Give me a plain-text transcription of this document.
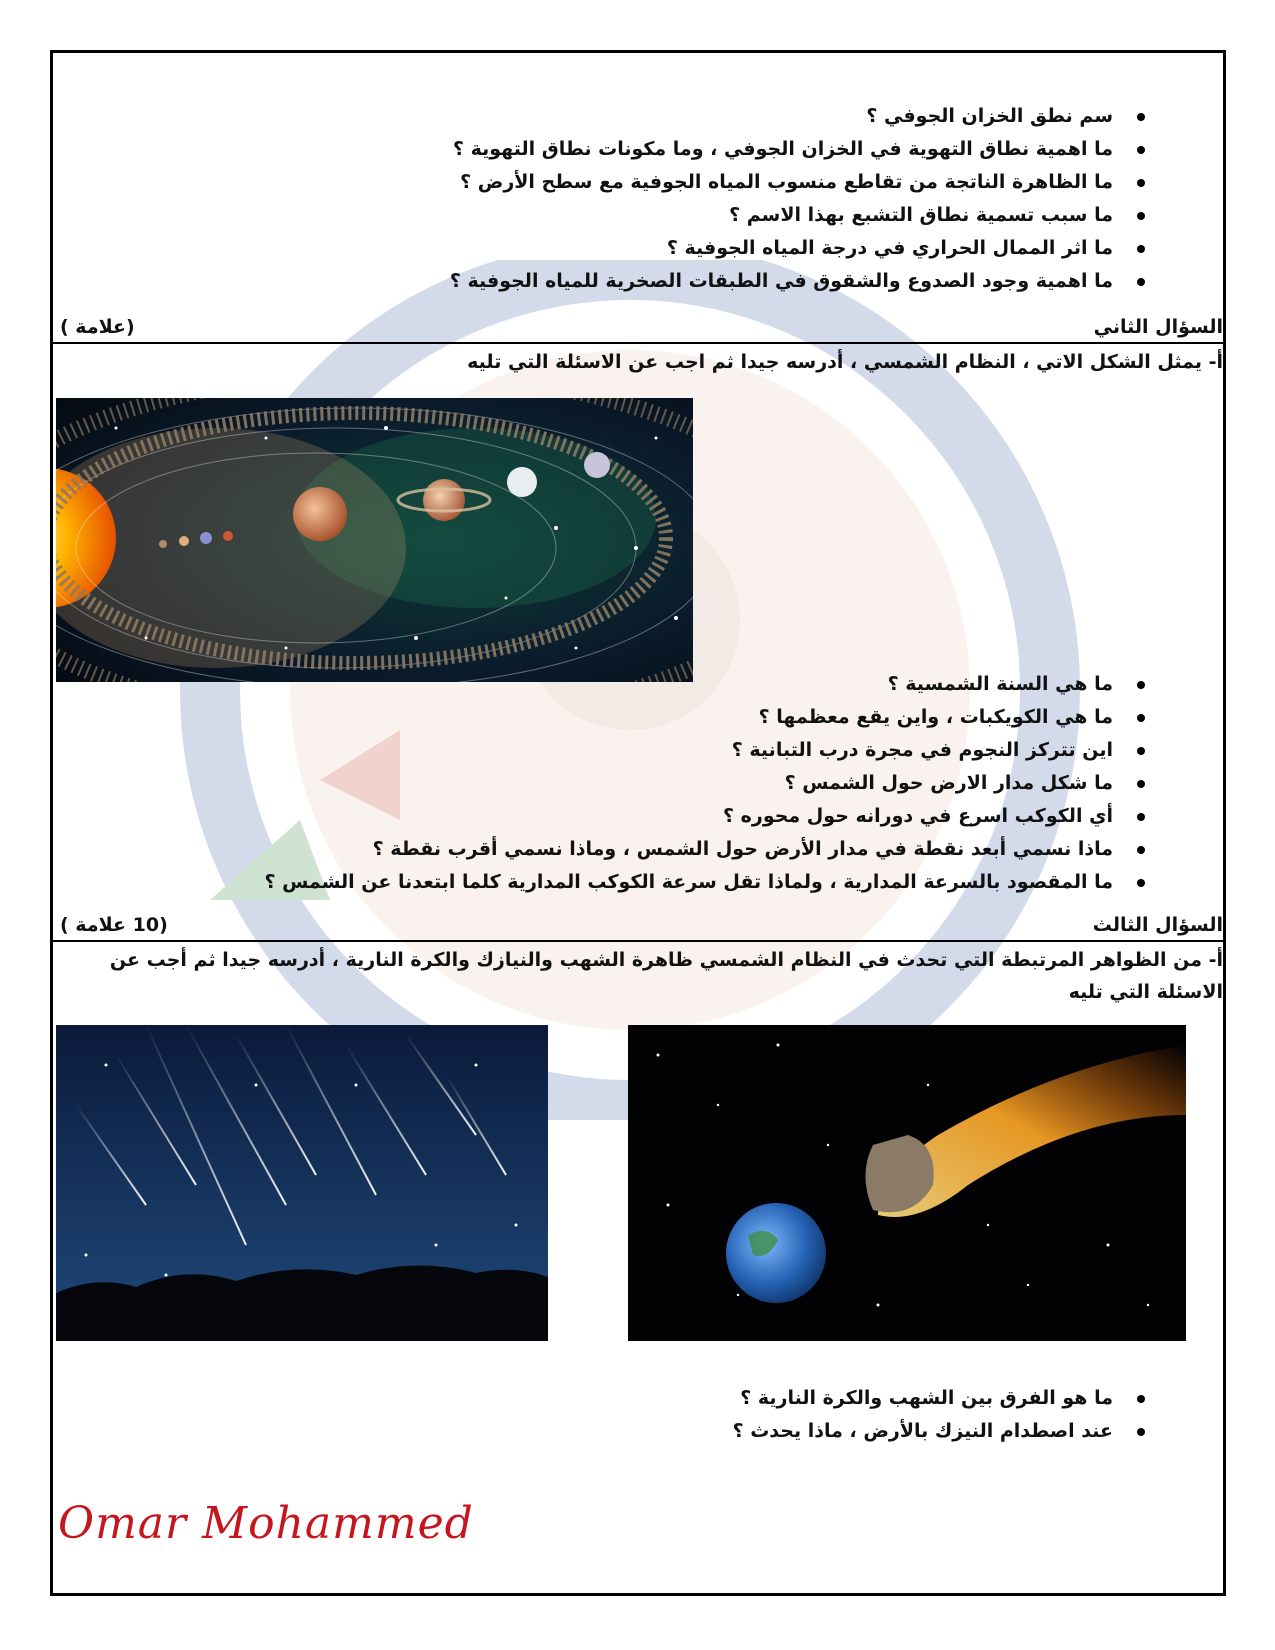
سم نطق الخزان الجوفي ؟
ما اهمية نطاق التهوية في الخزان الجوفي ، وما مكونات نطاق التهوية ؟
ما الظاهرة الناتجة من تقاطع منسوب المياه الجوفية مع سطح الأرض ؟
ما سبب تسمية نطاق التشبع بهذا الاسم ؟
ما اثر الممال الحراري في درجة المياه الجوفية ؟
ما اهمية وجود الصدوع والشقوق في الطبقات الصخرية للمياه الجوفية ؟
السؤال الثاني
(علامة )
أ- يمثل الشكل الاتي ، النظام الشمسي ، أدرسه جيدا ثم اجب عن الاسئلة التي تليه
ما هي السنة الشمسية ؟
ما هي الكويكبات ، واين يقع معظمها ؟
اين تتركز النجوم في مجرة درب التبانية ؟
ما شكل مدار الارض حول الشمس ؟
أي الكوكب اسرع في دورانه حول محوره ؟
ماذا نسمي أبعد نقطة في مدار الأرض حول الشمس ، وماذا نسمي أقرب نقطة ؟
ما المقصود بالسرعة المدارية ، ولماذا تقل سرعة الكوكب المدارية كلما ابتعدنا عن الشمس ؟
السؤال الثالث
(10 علامة )
أ- من الظواهر المرتبطة التي تحدث في النظام الشمسي ظاهرة الشهب والنيازك والكرة النارية ، أدرسه جيدا ثم أجب عن
الاسئلة التي تليه
ما هو الفرق بين الشهب والكرة النارية ؟
عند اصطدام النيزك بالأرض ، ماذا يحدث ؟
Omar Mohammed
